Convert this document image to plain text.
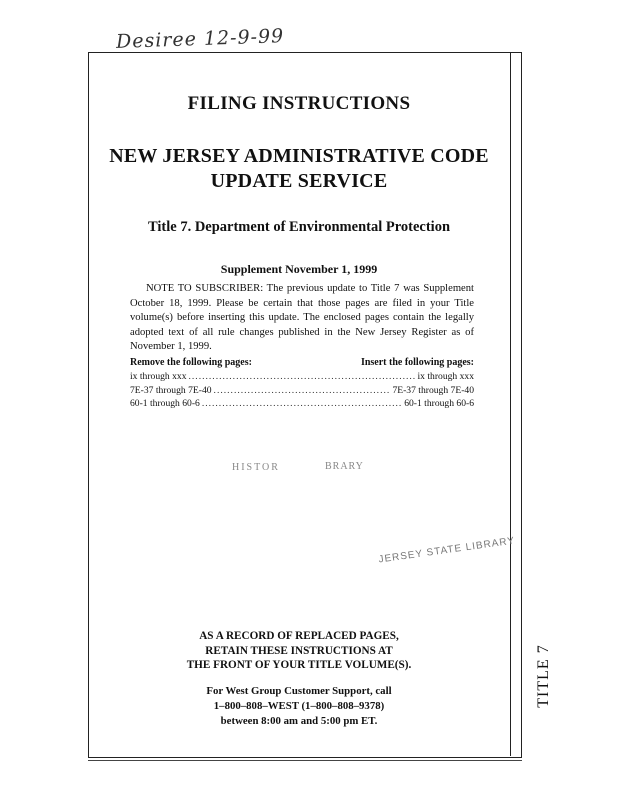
Desiree 12-9-99
FILING INSTRUCTIONS
NEW JERSEY ADMINISTRATIVE CODE
UPDATE SERVICE
Title 7. Department of Environmental Protection
Supplement November 1, 1999
NOTE TO SUBSCRIBER: The previous update to Title 7 was Supplement October 18, 1999. Please be certain that those pages are filed in your Title volume(s) before inserting this update. The enclosed pages contain the legally adopted text of all rule changes published in the New Jersey Register as of November 1, 1999.
Remove the following pages:	Insert the following pages:
ix through xxx .....	ix through xxx
7E-37 through 7E-40 .....	7E-37 through 7E-40
60-1 through 60-6 .....	60-1 through 60-6
HISTOR	BRARY
JERSEY STATE LIBRARY
AS A RECORD OF REPLACED PAGES,
RETAIN THESE INSTRUCTIONS AT
THE FRONT OF YOUR TITLE VOLUME(S).
For West Group Customer Support, call
1–800–808–WEST (1–800–808–9378)
between 8:00 am and 5:00 pm ET.
TITLE 7
